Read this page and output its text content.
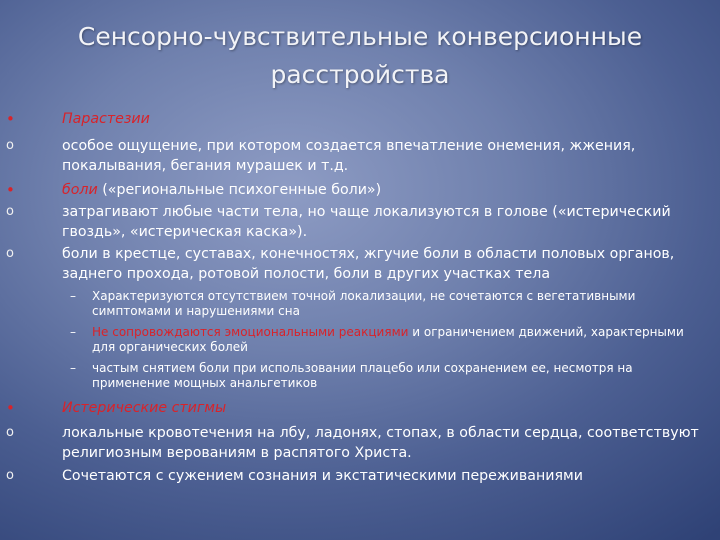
Сенсорно-чувствительные конверсионные
расстройства
•	Парастезии
o	особое ощущение, при котором создается впечатление онемения, жжения, покалывания, бегания мурашек и т.д.
•	боли («региональные психогенные боли»)
o	затрагивают любые части тела, но чаще локализуются в голове («истерический гвоздь», «истерическая каска»).
o	боли в крестце, суставах, конечностях, жгучие боли в области половых органов, заднего прохода, ротовой полости, боли в других участках тела
– Характеризуются отсутствием точной локализации, не сочетаются с вегетативными симптомами и нарушениями сна
– Не сопровождаются эмоциональными реакциями и ограничением движений, характерными для органических болей
– частым снятием боли при использовании плацебо или сохранением ее, несмотря на применение мощных анальгетиков
•	Истерические стигмы
o	локальные кровотечения на лбу, ладонях, стопах, в области сердца, соответствуют религиозным верованиям в распятого Христа.
o	Сочетаются с сужением сознания и экстатическими переживаниями
